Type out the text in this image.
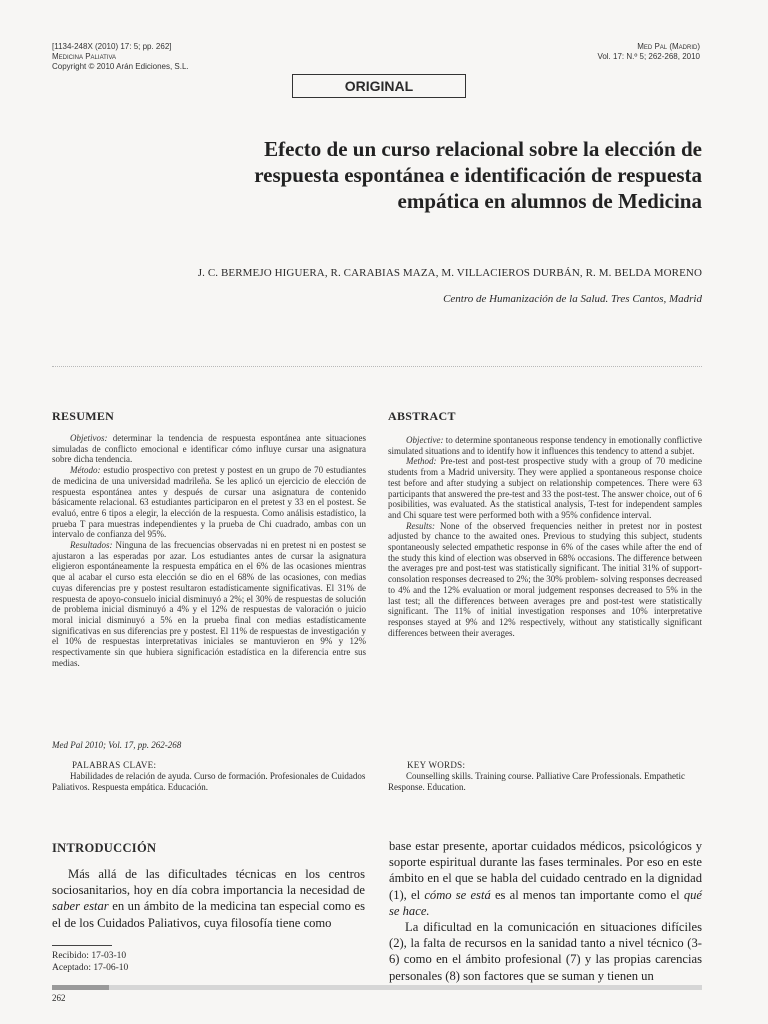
[1134-248X (2010) 17: 5; pp. 262]
Medicina Paliativa
Copyright © 2010 Arán Ediciones, S.L.
Med Pal (Madrid)
Vol. 17: N.º 5; 262-268, 2010
ORIGINAL
Efecto de un curso relacional sobre la elección de
respuesta espontánea e identificación de respuesta
empática en alumnos de Medicina
J. C. BERMEJO HIGUERA, R. CARABIAS MAZA, M. VILLACIEROS DURBÁN, R. M. BELDA MORENO
Centro de Humanización de la Salud. Tres Cantos, Madrid
RESUMEN

Objetivos: determinar la tendencia de respuesta espontánea ante situaciones simuladas de conflicto emocional e identificar cómo influye cursar una asignatura sobre dicha tendencia.

Método: estudio prospectivo con pretest y postest en un grupo de 70 estudiantes de medicina de una universidad madrileña. Se les aplicó un ejercicio de elección de respuesta espontánea antes y después de cursar una asignatura de contenido básicamente relacional. 63 estudiantes participaron en el pretest y 33 en el postest. Se evaluó, entre 6 tipos a elegir, la elección de la respuesta. Como análisis estadístico, la prueba T para muestras independientes y la prueba de Chi cuadrado, ambas con un intervalo de confianza del 95%.

Resultados: Ninguna de las frecuencias observadas ni en pretest ni en postest se ajustaron a las esperadas por azar. Los estudiantes antes de cursar la asignatura eligieron espontáneamente la respuesta empática en el 6% de las ocasiones mientras que al acabar el curso esta elección se dio en el 68% de las ocasiones, con medias cuyas diferencias pre y postest resultaron estadísticamente significativas. El 31% de respuesta de apoyo-consuelo inicial disminuyó a 2%; el 30% de respuestas de solución de problema inicial disminuyó a 4% y el 12% de respuestas de valoración o juicio moral inicial disminuyó a 5% en la prueba final con medias estadísticamente significativas en sus diferencias pre y postest. El 11% de respuestas de investigación y el 10% de respuestas interpretativas iniciales se mantuvieron en 9% y 12% respectivamente sin que hubiera significación estadística en la diferencia entre sus medias.

ABSTRACT

Objective: to determine spontaneous response tendency in emotionally conflictive simulated situations and to identify how it influences this tendency to attend a subjet.

Method: Pre-test and post-test prospective study with a group of 70 medicine students from a Madrid university. They were applied a spontaneous response choice test before and after studying a subject on relationship competences. There were 63 participants that answered the pre-test and 33 the post-test. The answer choice, out of 6 posibilities, was evaluated. As the statistical analysis, T-test for independent samples and Chi square test were performed both with a 95% confidence interval.

Results: None of the observed frequencies neither in pretest nor in postest adjusted by chance to the awaited ones. Previous to studying this subject, students spontaneously selected empathetic response in 6% of the cases while after the end of the study this kind of election was observed in 68% occasions. The difference between the averages pre and post-test was statistically significant. The initial 31% of support-consolation responses decreased to 2%; the 30% problem- solving responses decreased to 4% and the 12% evaluation or moral judgement responses decreased to 5% in the last test; all the differences between averages pre and post-test were statistically significant. The 11% of initial investigation responses and 10% interpretative responses stayed at 9% and 12% respectively, without any statistically significant differences between their averages.

Med Pal 2010; Vol. 17, pp. 262-268
PALABRAS CLAVE:

Habilidades de relación de ayuda. Curso de formación. Profesionales de Cuidados Paliativos. Respuesta empática. Educación.

KEY WORDS:

Counselling skills. Training course. Palliative Care Professionals. Empathetic Response. Education.

INTRODUCCIÓN

Más allá de las dificultades técnicas en los centros sociosanitarios, hoy en día cobra importancia la necesidad de saber estar en un ámbito de la medicina tan especial como es el de los Cuidados Paliativos, cuya filosofía tiene como

base estar presente, aportar cuidados médicos, psicológicos y soporte espiritual durante las fases terminales. Por eso en este ámbito en el que se habla del cuidado centrado en la dignidad (1), el cómo se está es al menos tan importante como el qué se hace.

La dificultad en la comunicación en situaciones difíciles (2), la falta de recursos en la sanidad tanto a nivel técnico (3-6) como en el ámbito profesional (7) y las propias carencias personales (8) son factores que se suman y tienen un

Recibido: 17-03-10
Aceptado: 17-06-10
262
